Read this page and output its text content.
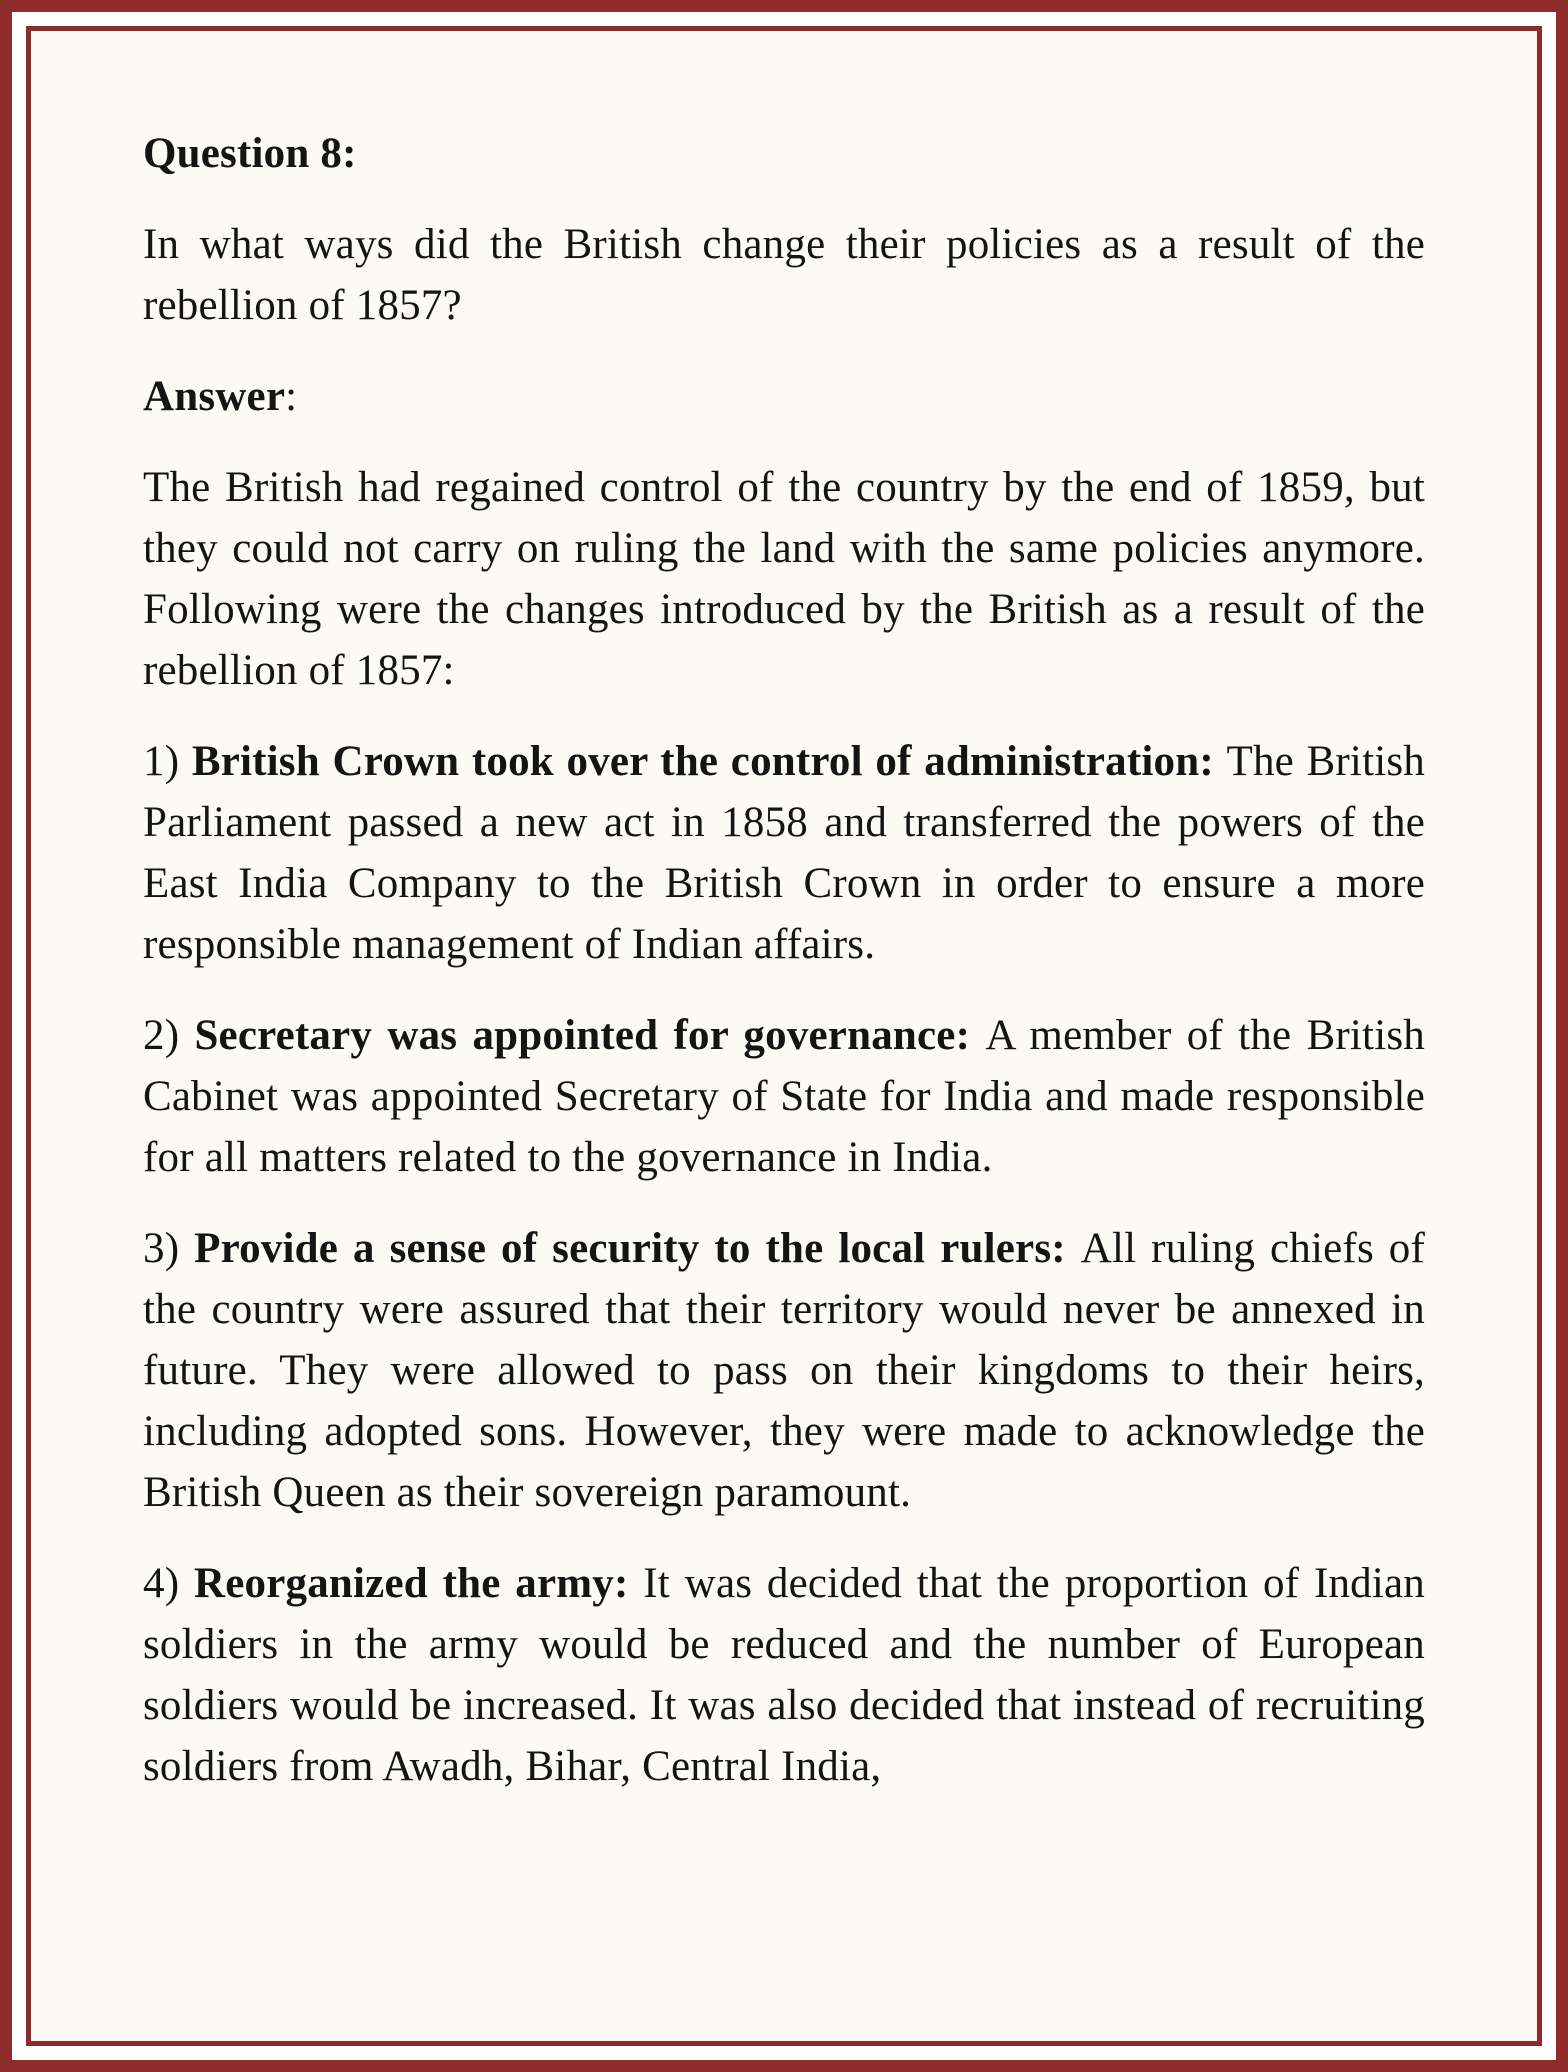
Question 8:

In what ways did the British change their policies as a result of the rebellion of 1857?

Answer:

The British had regained control of the country by the end of 1859, but they could not carry on ruling the land with the same policies anymore. Following were the changes introduced by the British as a result of the rebellion of 1857:

1) British Crown took over the control of administration: The British Parliament passed a new act in 1858 and transferred the powers of the East India Company to the British Crown in order to ensure a more responsible management of Indian affairs.

2) Secretary was appointed for governance: A member of the British Cabinet was appointed Secretary of State for India and made responsible for all matters related to the governance in India.

3) Provide a sense of security to the local rulers: All ruling chiefs of the country were assured that their territory would never be annexed in future. They were allowed to pass on their kingdoms to their heirs, including adopted sons. However, they were made to acknowledge the British Queen as their sovereign paramount.

4) Reorganized the army: It was decided that the proportion of Indian soldiers in the army would be reduced and the number of European soldiers would be increased. It was also decided that instead of recruiting soldiers from Awadh, Bihar, Central India,
